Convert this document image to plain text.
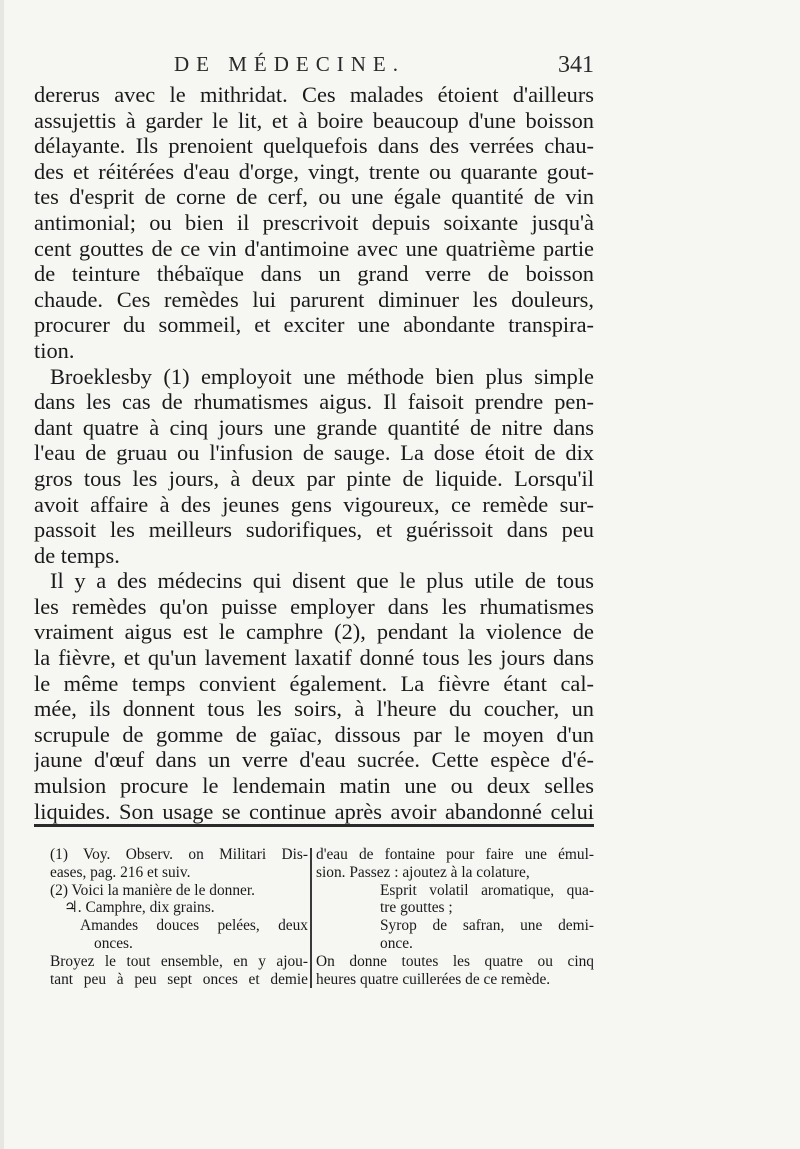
DE MÉDECINE.	341
dererus avec le mithridat. Ces malades étoient d'ailleurs
assujettis à garder le lit, et à boire beaucoup d'une boisson
délayante. Ils prenoient quelquefois dans des verrées chau-
des et réitérées d'eau d'orge, vingt, trente ou quarante gout-
tes d'esprit de corne de cerf, ou une égale quantité de vin
antimonial; ou bien il prescrivoit depuis soixante jusqu'à
cent gouttes de ce vin d'antimoine avec une quatrième partie
de teinture thébaïque dans un grand verre de boisson
chaude. Ces remèdes lui parurent diminuer les douleurs,
procurer du sommeil, et exciter une abondante transpira-
tion.
Broeklesby (1) employoit une méthode bien plus simple
dans les cas de rhumatismes aigus. Il faisoit prendre pen-
dant quatre à cinq jours une grande quantité de nitre dans
l'eau de gruau ou l'infusion de sauge. La dose étoit de dix
gros tous les jours, à deux par pinte de liquide. Lorsqu'il
avoit affaire à des jeunes gens vigoureux, ce remède sur-
passoit les meilleurs sudorifiques, et guérissoit dans peu
de temps.
Il y a des médecins qui disent que le plus utile de tous
les remèdes qu'on puisse employer dans les rhumatismes
vraiment aigus est le camphre (2), pendant la violence de
la fièvre, et qu'un lavement laxatif donné tous les jours dans
le même temps convient également. La fièvre étant cal-
mée, ils donnent tous les soirs, à l'heure du coucher, un
scrupule de gomme de gaïac, dissous par le moyen d'un
jaune d'œuf dans un verre d'eau sucrée. Cette espèce d'é-
mulsion procure le lendemain matin une ou deux selles
liquides. Son usage se continue après avoir abandonné celui
(1) Voy. Observ. on Militari Dis-
eases, pag. 216 et suiv.
(2) Voici la manière de le donner.
♃. Camphre, dix grains.
Amandes douces pelées, deux
onces.
Broyez le tout ensemble, en y ajou-
tant peu à peu sept onces et demie
d'eau de fontaine pour faire une émul-
sion. Passez : ajoutez à la colature,
Esprit volatil aromatique, qua-
tre gouttes ;
Syrop de safran, une demi-
once.
On donne toutes les quatre ou cinq
heures quatre cuillerées de ce remède.
